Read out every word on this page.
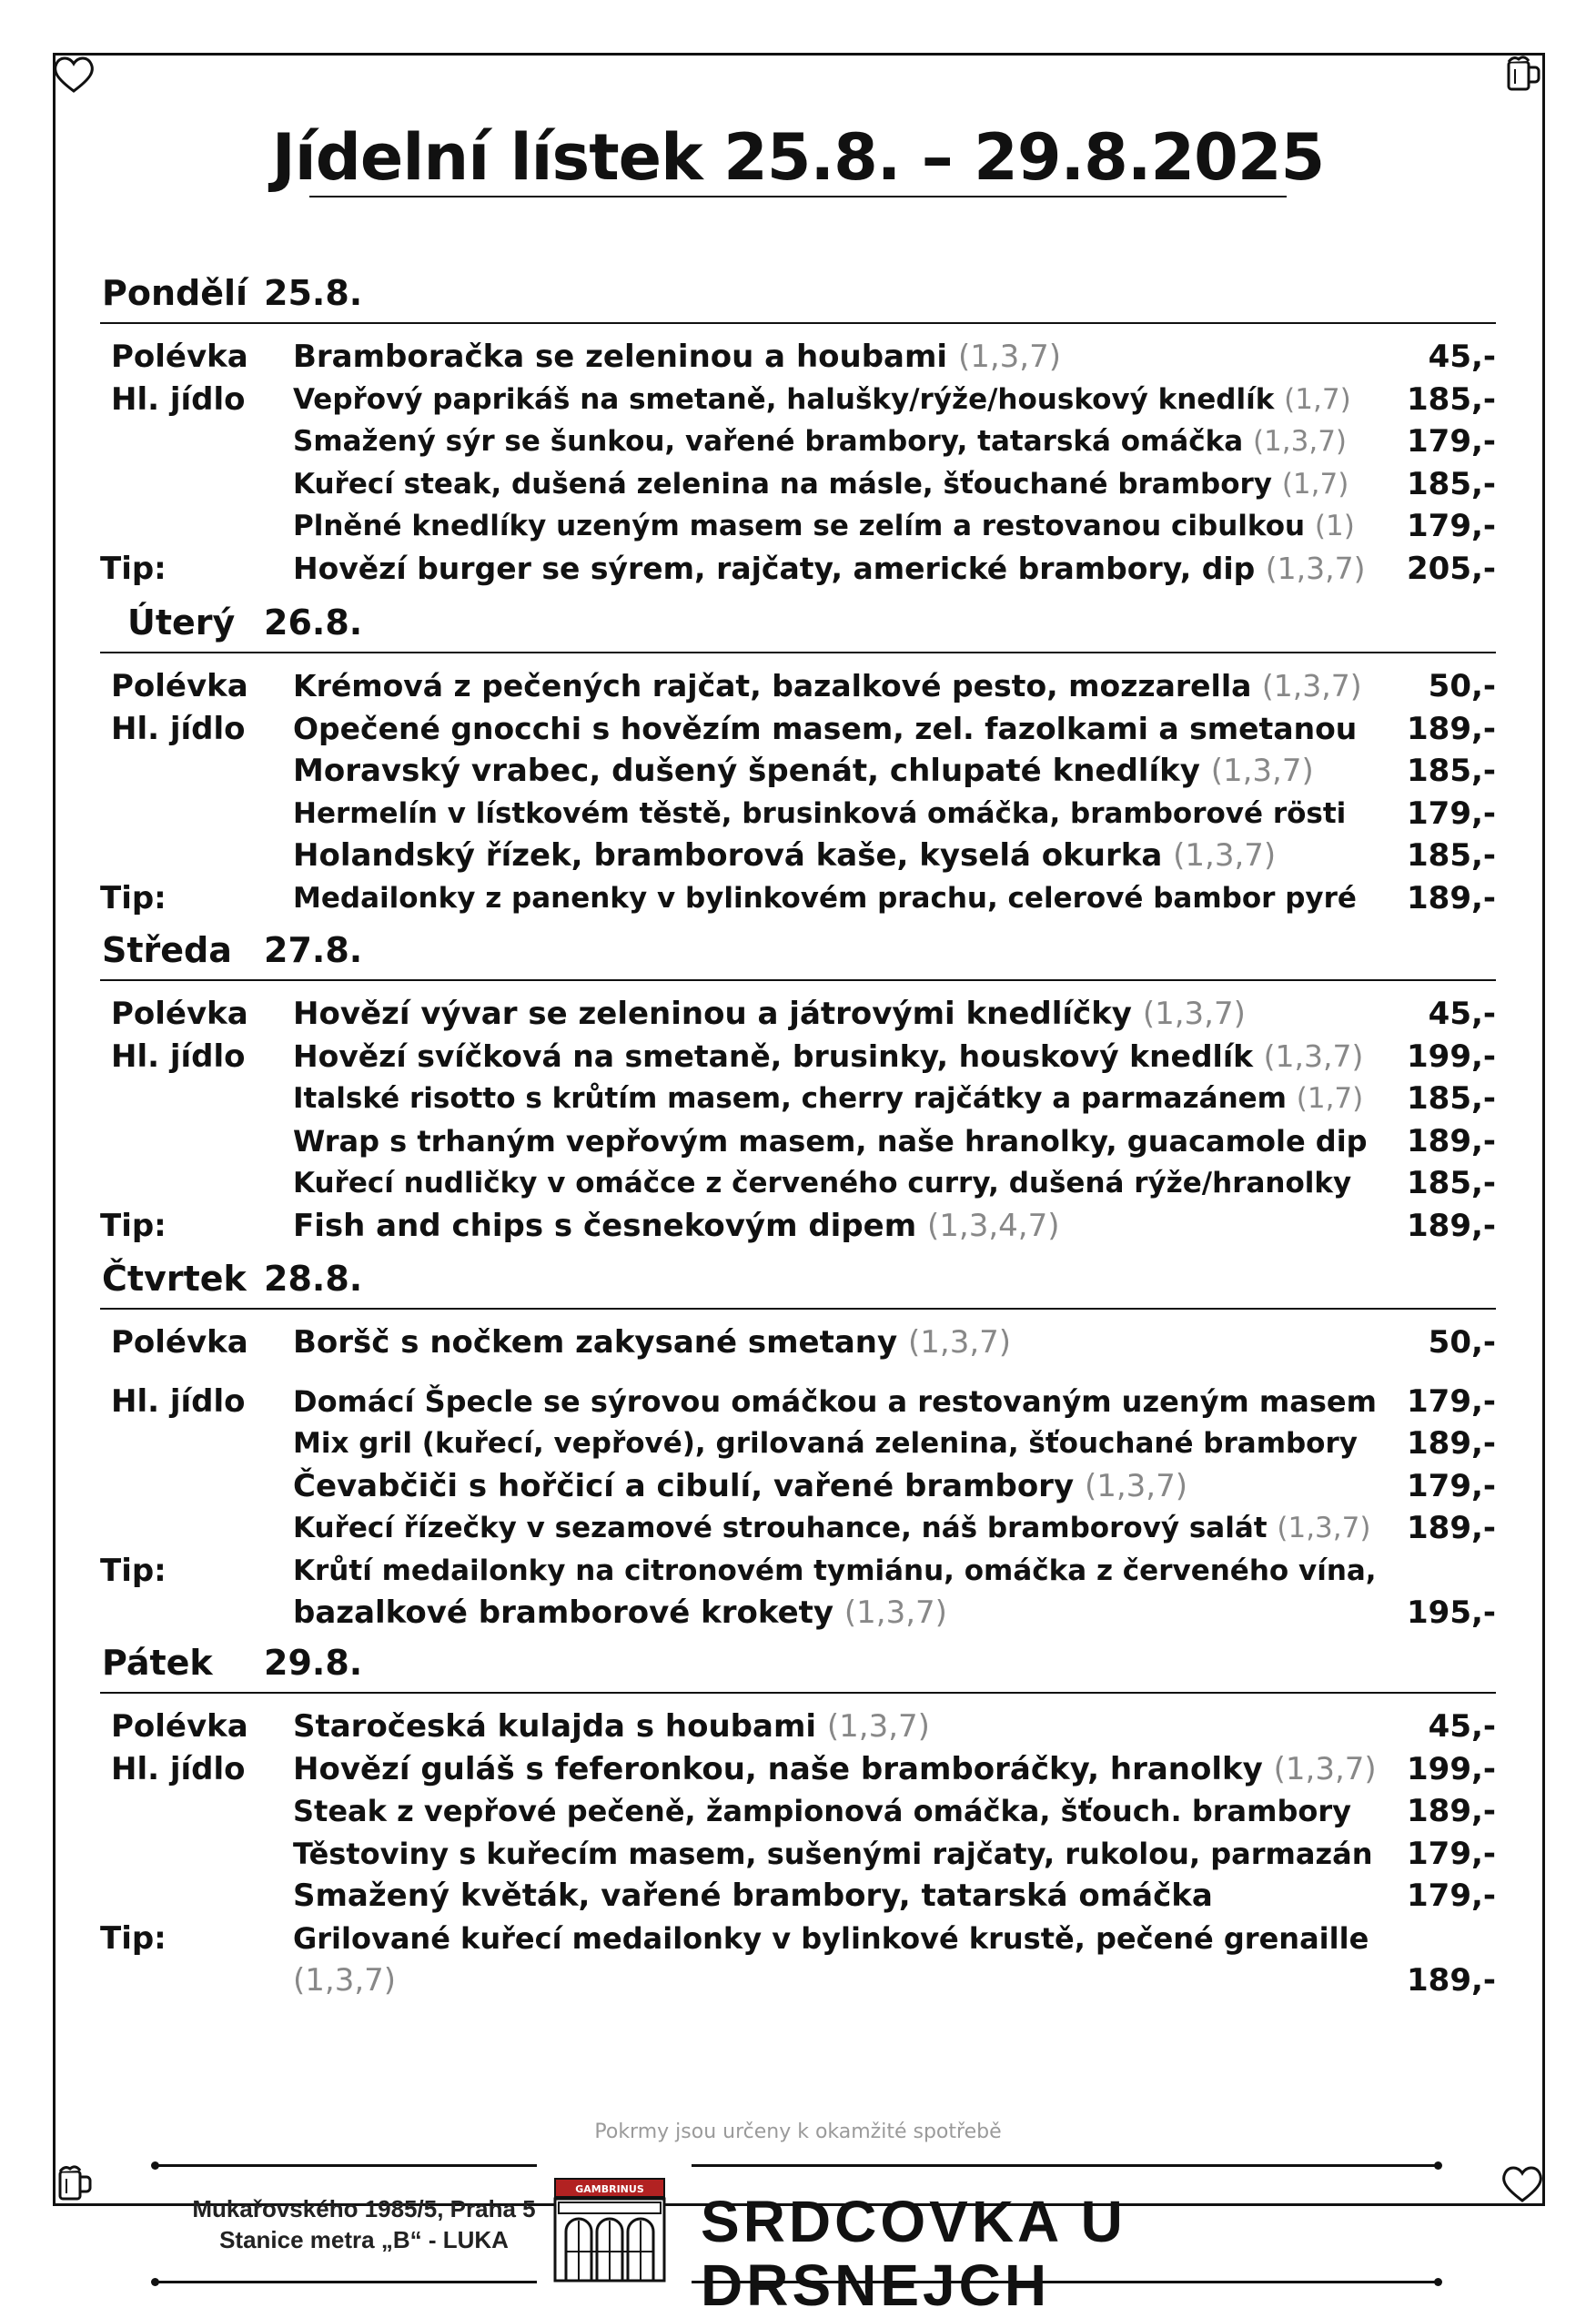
Jídelní lístek 25.8. – 29.8.2025
Pondělí 25.8.
Polévka Bramboračka se zeleninou a houbami (1,3,7)	45,-
Hl. jídlo Vepřový paprikáš na smetaně, halušky/rýže/houskový knedlík (1,7) 185,-
Smažený sýr se šunkou, vařené brambory, tatarská omáčka (1,3,7) 179,-
Kuřecí steak, dušená zelenina na másle, šťouchané brambory (1,7) 185,-
Plněné knedlíky uzeným masem se zelím a restovanou cibulkou (1) 179,-
Tip:	Hovězí burger se sýrem, rajčaty, americké brambory, dip (1,3,7) 205,-
Úterý 26.8.
Polévka Krémová z pečených rajčat, bazalkové pesto, mozzarella (1,3,7) 50,-
Hl. jídlo Opečené gnocchi s hovězím masem, zel. fazolkami a smetanou 189,-
Moravský vrabec, dušený špenát, chlupaté knedlíky (1,3,7)	185,-
Hermelín v lístkovém těstě, brusinková omáčka, bramborové rösti 179,-
Holandský řízek, bramborová kaše, kyselá okurka (1,3,7)	185,-
Tip:	Medailonky z panenky v bylinkovém prachu, celerové bambor pyré 189,-
Středa 27.8.
Polévka Hovězí vývar se zeleninou a játrovými knedlíčky (1,3,7)	45,-
Hl. jídlo Hovězí svíčková na smetaně, brusinky, houskový knedlík (1,3,7) 199,-
Italské risotto s krůtím masem, cherry rajčátky a parmazánem (1,7) 185,-
Wrap s trhaným vepřovým masem, naše hranolky, guacamole dip 189,-
Kuřecí nudličky v omáčce z červeného curry, dušená rýže/hranolky 185,-
Tip:	Fish and chips s česnekovým dipem (1,3,4,7)	189,-
Čtvrtek 28.8.
Polévka Boršč s nočkem zakysané smetany (1,3,7)	50,-
Hl. jídlo Domácí Špecle se sýrovou omáčkou a restovaným uzeným masem 179,-
Mix gril (kuřecí, vepřové), grilovaná zelenina, šťouchané brambory 189,-
Čevabčiči s hořčicí a cibulí, vařené brambory (1,3,7)	179,-
Kuřecí řízečky v sezamové strouhance, náš bramborový salát (1,3,7) 189,-
Tip:	Krůtí medailonky na citronovém tymiánu, omáčka z červeného vína,
bazalkové bramborové krokety (1,3,7)	195,-
Pátek 29.8.
Polévka Staročeská kulajda s houbami (1,3,7)	45,-
Hl. jídlo Hovězí guláš s feferonkou, naše bramboráčky, hranolky (1,3,7) 199,-
Steak z vepřové pečeně, žampionová omáčka, šťouch. brambory 189,-
Těstoviny s kuřecím masem, sušenými rajčaty, rukolou, parmazán 179,-
Smažený květák, vařené brambory, tatarská omáčka	179,-
Tip:	Grilované kuřecí medailonky v bylinkové krustě, pečené grenaille
(1,3,7)	189,-
Pokrmy jsou určeny k okamžité spotřebě
Mukařovského 1985/5, Praha 5
Stanice metra „B“ - LUKA
GAMBRINUS SRDCOVKA U DRSNEJCH
